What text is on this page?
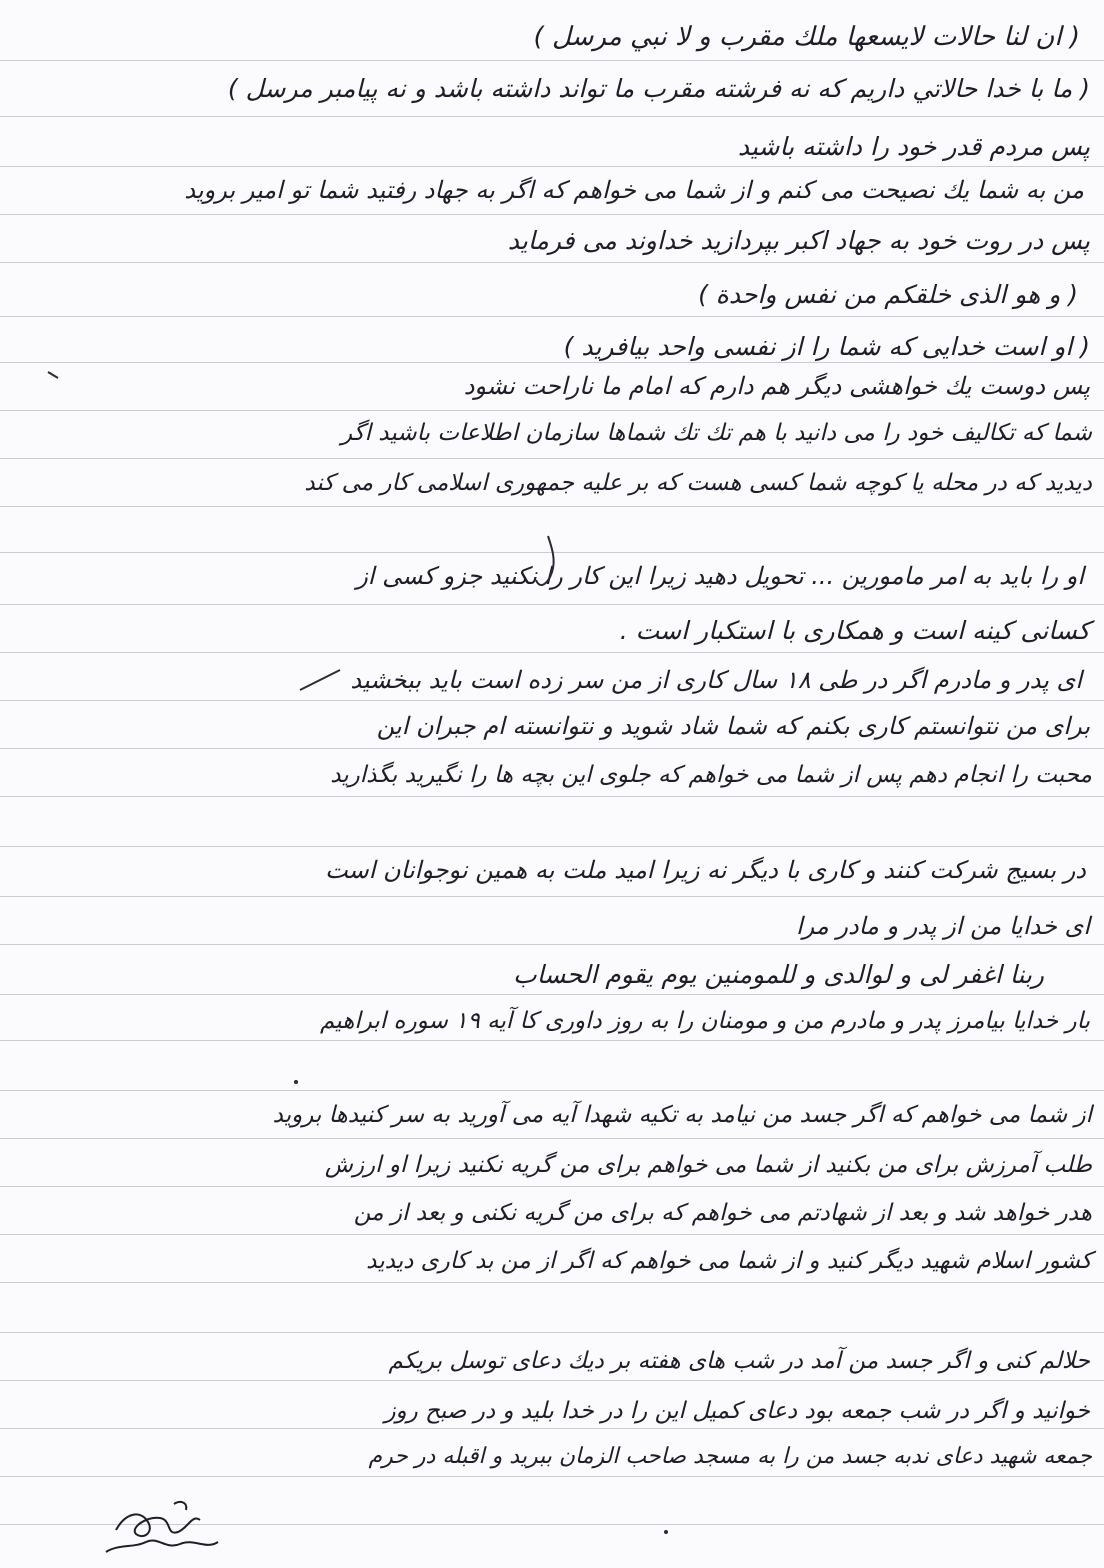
( ان لنا حالات لايسعها ملك مقرب و لا نبي مرسل )
( ما با خدا حالاتي داريم كه نه فرشته مقرب ما تواند داشته باشد و نه پيامبر مرسل )
پس مردم قدر خود را داشته باشيد
من به شما يك نصيحت مى كنم و از شما مى خواهم كه اگر به جهاد رفتيد شما تو امير برويد
پس در روت خود به جهاد اكبر بپردازيد خداوند مى فرمايد
( و هو الذى خلقكم من نفس واحدة )
( او است خدايى كه شما را از نفسى واحد بيافريد )
پس دوست يك خواهشى ديگر هم دارم كه امام ما ناراحت نشود
شما كه تكاليف خود را مى دانيد با هم تك تك شماها سازمان اطلاعات باشيد اگر
ديديد كه در محله يا كوچه شما كسى هست كه بر عليه جمهورى اسلامى كار مى كند
او را بايد به امر مامورين ... تحويل دهيد زيرا اين كار را نكنيد جزو كسى از
كسانى كينه است و همكارى با استكبار است .
اى پدر و مادرم اگر در طى ١٨ سال كارى از من سر زده است بايد ببخشيد
براى من نتوانستم كارى بكنم كه شما شاد شويد و نتوانسته ام جبران اين
محبت را انجام دهم پس از شما مى خواهم كه جلوى اين بچه ها را نگيريد بگذاريد
در بسيج شركت كنند و كارى با ديگر نه زيرا اميد ملت به همين نوجوانان است
اى خدايا من از پدر و مادر مرا
ربنا اغفر لى و لوالدى و للمومنين يوم يقوم الحساب
بار خدايا بيامرز پدر و مادرم من و مومنان را به روز داورى كا آيه ١٩ سوره ابراهيم
از شما مى خواهم كه اگر جسد من نيامد به تكيه شهدا آيه مى آوريد به سر كنيدها برويد
طلب آمرزش براى من بكنيد از شما مى خواهم براى من گريه نكنيد زيرا او ارزش
هدر خواهد شد و بعد از شهادتم مى خواهم كه براى من گريه نكنى و بعد از من
كشور اسلام شهيد ديگر كنيد و از شما مى خواهم كه اگر از من بد كارى ديديد
حلالم كنى و اگر جسد من آمد در شب هاى هفته بر ديك دعاى توسل بريكم
خوانيد و اگر در شب جمعه بود دعاى كميل اين را در خدا بليد و در صبح روز
جمعه شهيد دعاى ندبه جسد من را به مسجد صاحب الزمان ببريد و اقبله در حرم
